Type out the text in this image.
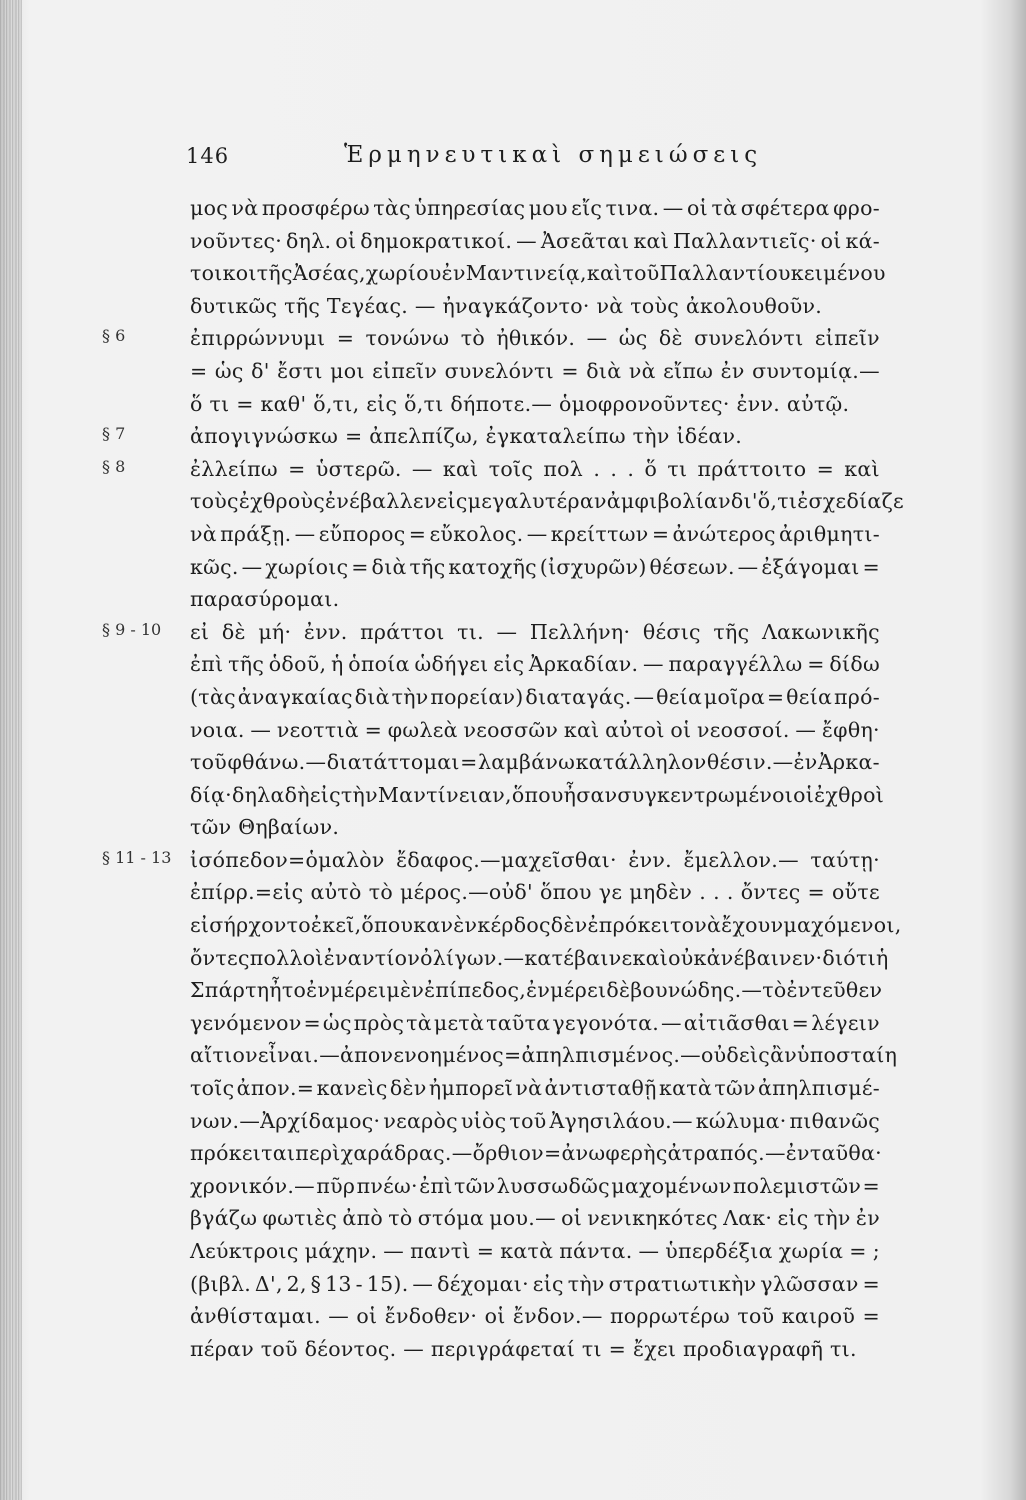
146	Ἑρμηνευτικαὶ σημειώσεις
μος νὰ προσφέρω τὰς ὑπηρεσίας μου εἴς τινα. — οἱ τὰ σφέτερα φρο-
νοῦντες· δηλ. οἱ δημοκρατικοί. — Ἀσεᾶται καὶ Παλλαντιεῖς· οἱ κά-
τοικοι τῆς Ἀσέας, χωρίου ἐν Μαντινείᾳ, καὶ τοῦ Παλλαντίου κειμένου
δυτικῶς τῆς Τεγέας. — ἠναγκάζοντο· νὰ τοὺς ἀκολουθοῦν.
§ 6	ἐπιρρώννυμι = τονώνω τὸ ἠθικόν. — ὡς δὲ συνελόντι εἰπεῖν
= ὡς δ' ἔστι μοι εἰπεῖν συνελόντι = διὰ νὰ εἴπω ἐν συντομίᾳ.—
ὅ τι = καθ' ὅ,τι, εἰς ὅ,τι δήποτε.— ὁμοφρονοῦντες· ἐνν. αὐτῷ.
§ 7	ἀπογιγνώσκω = ἀπελπίζω, ἐγκαταλείπω τὴν ἰδέαν.
§ 8	ἐλλείπω = ὑστερῶ. — καὶ τοῖς πολ . . . ὅ τι πράττοιτο = καὶ
τοὺς ἐχθροὺς ἐνέβαλλεν εἰς μεγαλυτέραν ἀμφιβολίαν δι' ὅ,τι ἐσχεδίαζε
νὰ πράξῃ. — εὔπορος = εὔκολος. — κρείττων = ἀνώτερος ἀριθμητι-
κῶς. — χωρίοις = διὰ τῆς κατοχῆς (ἰσχυρῶν) θέσεων. — ἐξάγομαι =
παρασύρομαι.
§ 9 - 10 εἰ δὲ μή· ἐνν. πράττοι τι. — Πελλήνη· θέσις τῆς Λακωνικῆς
ἐπὶ τῆς ὁδοῦ, ἡ ὁποία ὡδήγει εἰς Ἀρκαδίαν. — παραγγέλλω = δίδω
(τὰς ἀναγκαίας διὰ τὴν πορείαν) διαταγάς. — θεία μοῖρα = θεία πρό-
νοια. — νεοττιὰ = φωλεὰ νεοσσῶν καὶ αὐτοὶ οἱ νεοσσοί. — ἔφθη·
τοῦ φθάνω.— διατάττομαι = λαμβάνω κατάλληλον θέσιν.—ἐν Ἀρκα-
δίᾳ· δηλαδὴ εἰς τὴν Μαντίνειαν, ὅπου ἦσαν συγκεντρωμένοι οἱ ἐχθροὶ
τῶν Θηβαίων.
§ 11 - 13 ἰσόπεδον=ὁμαλὸν ἔδαφος.—μαχεῖσθαι· ἐνν. ἔμελλον.— ταύτῃ·
ἐπίρρ.=εἰς αὐτὸ τὸ μέρος.—οὐδ' ὅπου γε μηδὲν . . . ὄντες = οὔτε
εἰσήρχοντο ἐκεῖ, ὅπου κανὲν κέρδος δὲν ἐπρόκειτο νὰ ἔχουν μαχόμενοι,
ὄντες πολλοὶ ἐναντίον ὀλίγων.—κατέβαινε καὶ οὐκ ἀνέβαινεν· διότι ἡ
Σπάρτη ἦτο ἐν μέρει μὲν ἐπίπεδος, ἐν μέρει δὲ βουνώδης.—τὸ ἐντεῦθεν
γενόμενον = ὡς πρὸς τὰ μετὰ ταῦτα γεγονότα. — αἰτιᾶσθαι = λέγειν
αἴτιον εἶναι.—ἀπονενοημένος= ἀπηλπισμένος.—οὐδεὶς ἂν ὑποσταίη
τοῖς ἀπον.= κανεὶς δὲν ἠμπορεῖ νὰ ἀντισταθῇ κατὰ τῶν ἀπηλπισμέ-
νων.—Ἀρχίδαμος· νεαρὸς υἱὸς τοῦ Ἀγησιλάου.— κώλυμα· πιθανῶς
πρόκειται περὶ χαράδρας.— ὄρθιον = ἀνωφερὴς ἀτραπός.— ἐνταῦθα·
χρονικόν.— πῦρ πνέω· ἐπὶ τῶν λυσσωδῶς μαχομένων πολεμιστῶν =
βγάζω φωτιὲς ἀπὸ τὸ στόμα μου.— οἱ νενικηκότες Λακ· εἰς τὴν ἐν
Λεύκτροις μάχην. — παντὶ = κατὰ πάντα. — ὑπερδέξια χωρία = ;
(βιβλ. Δ', 2, § 13 - 15). — δέχομαι· εἰς τὴν στρατιωτικὴν γλῶσσαν =
ἀνθίσταμαι. — οἱ ἔνδοθεν· οἱ ἔνδον.— πορρωτέρω τοῦ καιροῦ =
πέραν τοῦ δέοντος. — περιγράφεταί τι = ἔχει προδιαγραφῆ τι.
